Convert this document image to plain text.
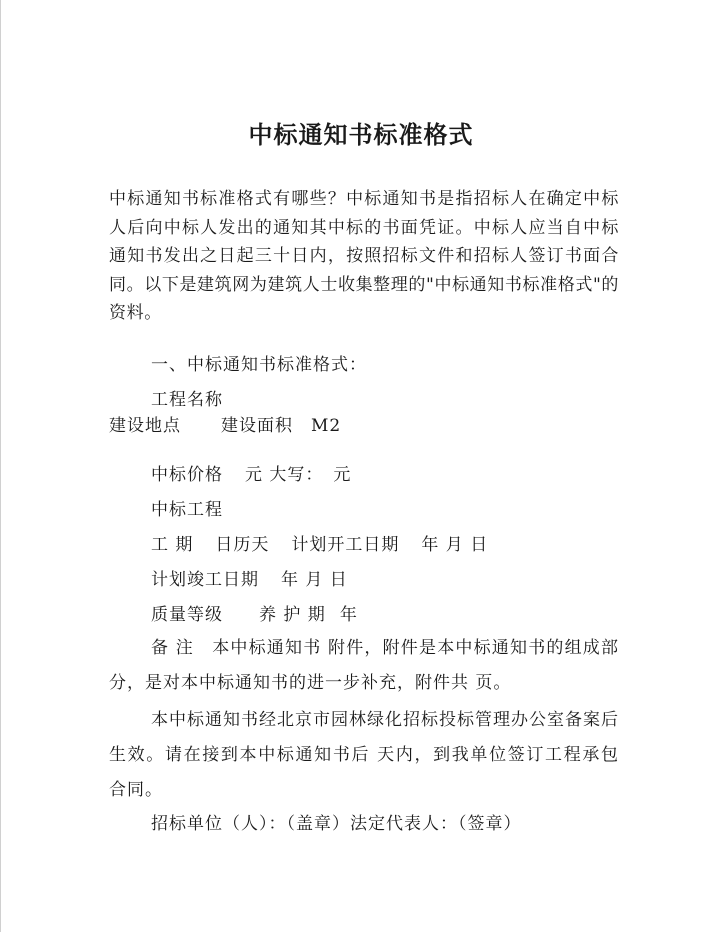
中标通知书标准格式
中标通知书标准格式有哪些？中标通知书是指招标人在确定中标人后向中标人发出的通知其中标的书面凭证。中标人应当自中标通知书发出之日起三十日内，按照招标文件和招标人签订书面合同。以下是建筑网为建筑人士收集整理的"中标通知书标准格式"的资料。
一、中标通知书标准格式：
工程名称
建设地点 建设面积 M2
中标价格 元 大写： 元
中标工程
工 期 日历天 计划开工日期 年 月 日
计划竣工日期 年 月 日
质量等级 养 护 期 年
备 注　本中标通知书 附件，附件是本中标通知书的组成部分，是对本中标通知书的进一步补充，附件共 页。
本中标通知书经北京市园林绿化招标投标管理办公室备案后生效。请在接到本中标通知书后 天内，到我单位签订工程承包合同。
招标单位（人）：（盖章）法定代表人：（签章）
